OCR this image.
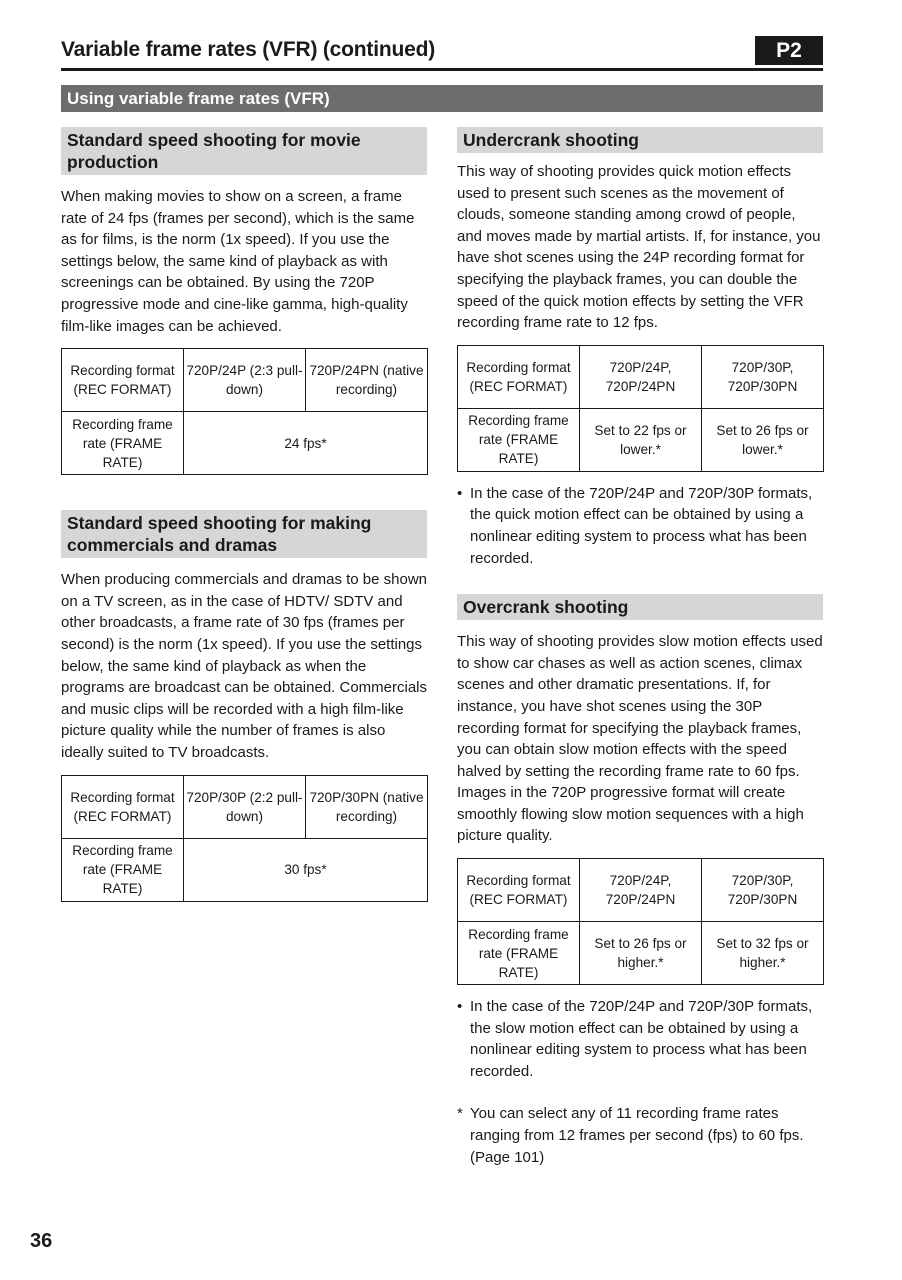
Variable frame rates (VFR) (continued)	P2
Using variable frame rates (VFR)
Standard speed shooting for movie production

When making movies to show on a screen, a frame rate of 24 fps (frames per second), which is the same as for films, is the norm (1x speed). If you use the settings below, the same kind of playback as with screenings can be obtained. By using the 720P progressive mode and cine-like gamma, high-quality film-like images can be achieved.

Recording format (REC FORMAT)	720P/24P (2:3 pull-down)	720P/24PN (native recording)
Recording frame rate (FRAME RATE)	24 fps*	
Standard speed shooting for making commercials and dramas

When producing commercials and dramas to be shown on a TV screen, as in the case of HDTV/ SDTV and other broadcasts, a frame rate of 30 fps (frames per second) is the norm (1x speed). If you use the settings below, the same kind of playback as when the programs are broadcast can be obtained. Commercials and music clips will be recorded with a high film-like picture quality while the number of frames is also ideally suited to TV broadcasts.

Recording format (REC FORMAT)	720P/30P (2:2 pull-down)	720P/30PN (native recording)
Recording frame rate (FRAME RATE)	30 fps*	
Undercrank shooting

This way of shooting provides quick motion effects used to present such scenes as the movement of clouds, someone standing among crowd of people, and moves made by martial artists. If, for instance, you have shot scenes using the 24P recording format for specifying the playback frames, you can double the speed of the quick motion effects by setting the VFR recording frame rate to 12 fps.

Recording format (REC FORMAT)	720P/24P, 720P/24PN	720P/30P, 720P/30PN
Recording frame rate (FRAME RATE)	Set to 22 fps or lower.*	Set to 26 fps or lower.*
• In the case of the 720P/24P and 720P/30P formats, the quick motion effect can be obtained by using a nonlinear editing system to process what has been recorded.
Overcrank shooting

This way of shooting provides slow motion effects used to show car chases as well as action scenes, climax scenes and other dramatic presentations. If, for instance, you have shot scenes using the 30P recording format for specifying the playback frames, you can obtain slow motion effects with the speed halved by setting the recording frame rate to 60 fps. Images in the 720P progressive format will create smoothly flowing slow motion sequences with a high picture quality.

Recording format (REC FORMAT)	720P/24P, 720P/24PN	720P/30P, 720P/30PN
Recording frame rate (FRAME RATE)	Set to 26 fps or higher.*	Set to 32 fps or higher.*
• In the case of the 720P/24P and 720P/30P formats, the slow motion effect can be obtained by using a nonlinear editing system to process what has been recorded.
* You can select any of 11 recording frame rates ranging from 12 frames per second (fps) to 60 fps. (Page 101)
36
